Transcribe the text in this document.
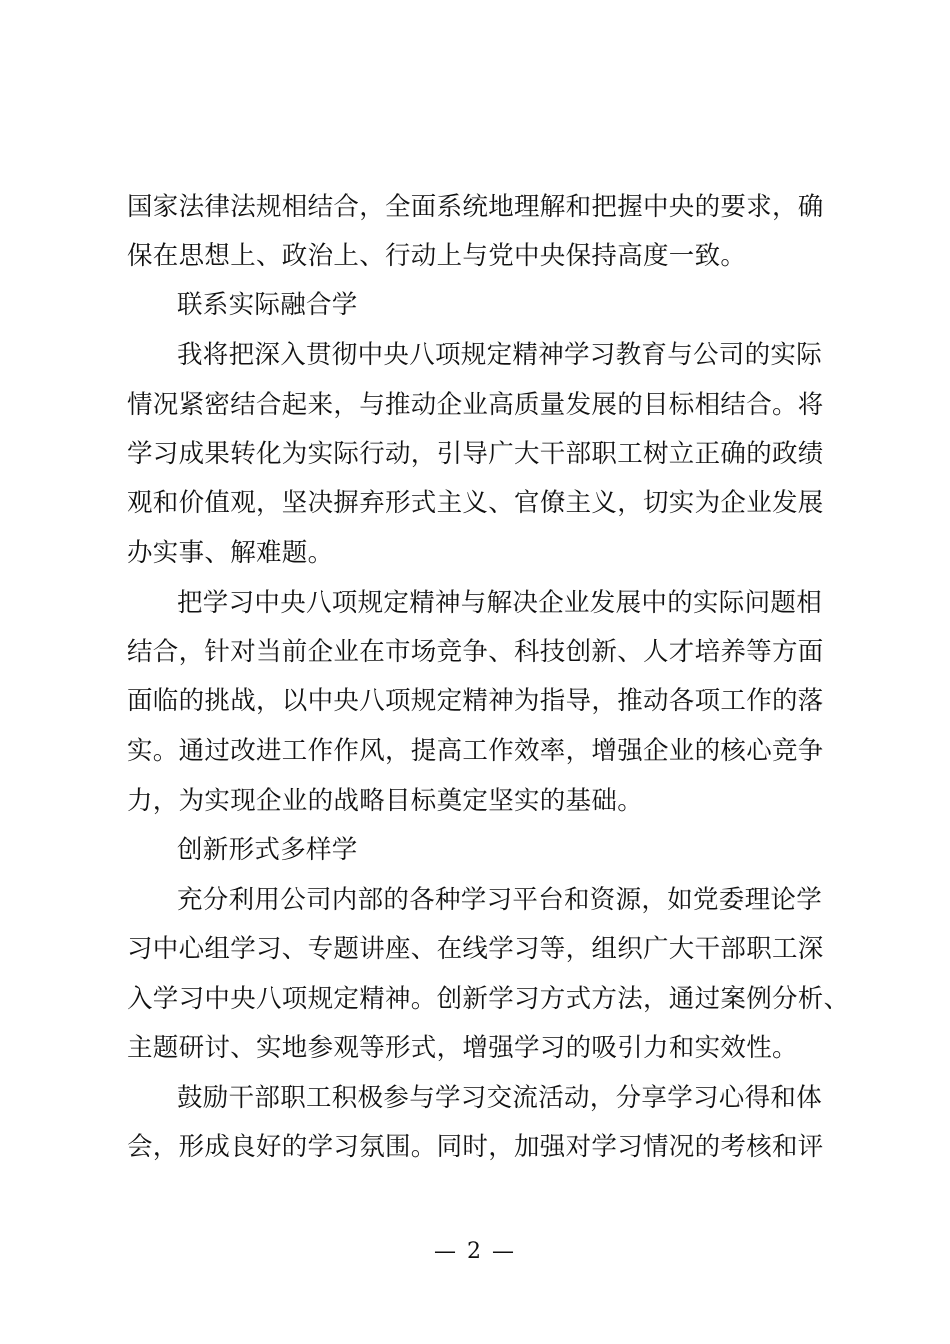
国家法律法规相结合，全面系统地理解和把握中央的要求，确
保在思想上、政治上、行动上与党中央保持高度一致。
联系实际融合学
我将把深入贯彻中央八项规定精神学习教育与公司的实际
情况紧密结合起来，与推动企业高质量发展的目标相结合。将
学习成果转化为实际行动，引导广大干部职工树立正确的政绩
观和价值观，坚决摒弃形式主义、官僚主义，切实为企业发展
办实事、解难题。
把学习中央八项规定精神与解决企业发展中的实际问题相
结合，针对当前企业在市场竞争、科技创新、人才培养等方面
面临的挑战，以中央八项规定精神为指导，推动各项工作的落
实。通过改进工作作风，提高工作效率，增强企业的核心竞争
力，为实现企业的战略目标奠定坚实的基础。
创新形式多样学
充分利用公司内部的各种学习平台和资源，如党委理论学
习中心组学习、专题讲座、在线学习等，组织广大干部职工深
入学习中央八项规定精神。创新学习方式方法，通过案例分析、
主题研讨、实地参观等形式，增强学习的吸引力和实效性。
鼓励干部职工积极参与学习交流活动，分享学习心得和体
会，形成良好的学习氛围。同时，加强对学习情况的考核和评
— 2 —
